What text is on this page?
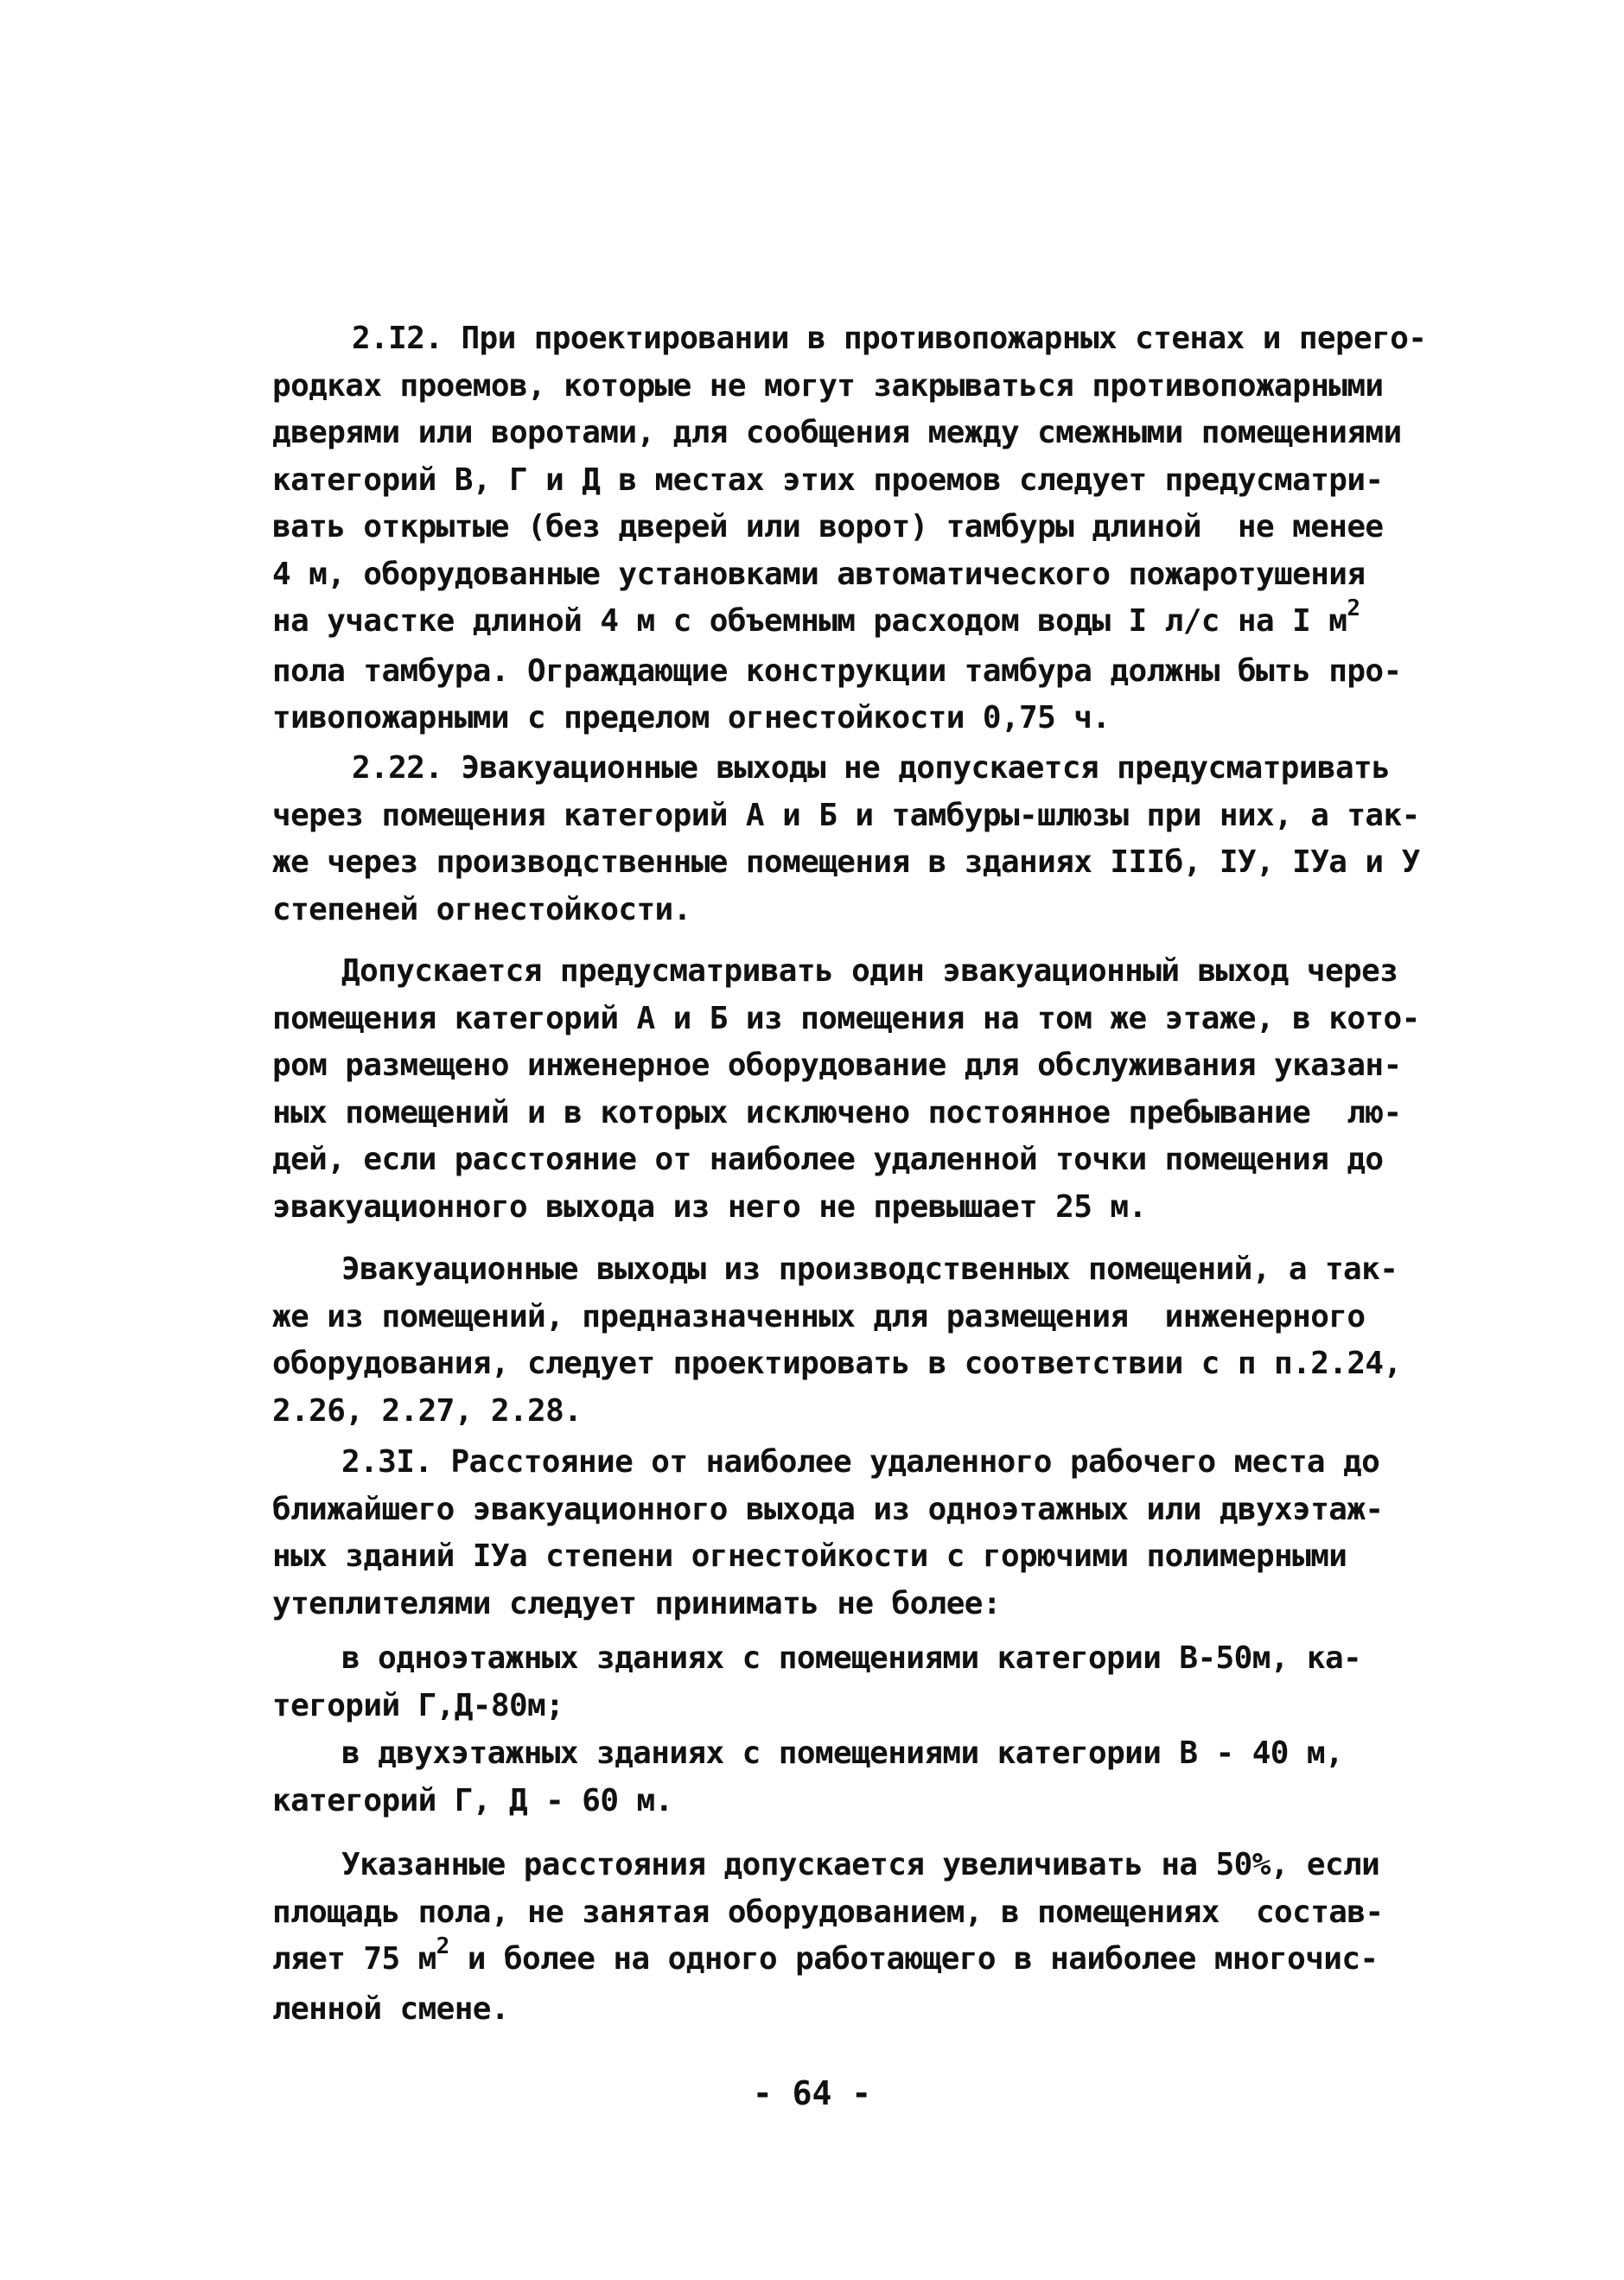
2.I2. При проектировании в противопожарных стенах и перего-
родках проемов, которые не могут закрываться противопожарными
дверями или воротами, для сообщения между смежными помещениями
категорий В, Г и Д в местах этих проемов следует предусматри-
вать открытые (без дверей или ворот) тамбуры длиной  не менее
4 м, оборудованные установками автоматического пожаротушения
на участке длиной 4 м с объемным расходом воды I л/с на I $м^2$
пола тамбура. Ограждающие конструкции тамбура должны быть про-
тивопожарными с пределом огнестойкости 0,75 ч.
2.22. Эвакуационные выходы не допускается предусматривать
через помещения категорий А и Б и тамбуры-шлюзы при них, а так-
же через производственные помещения в зданиях IIIб, IУ, IУа и У
степеней огнестойкости.
Допускается предусматривать один эвакуационный выход через
помещения категорий А и Б из помещения на том же этаже, в кото-
ром размещено инженерное оборудование для обслуживания указан-
ных помещений и в которых исключено постоянное пребывание  лю-
дей, если расстояние от наиболее удаленной точки помещения до
эвакуационного выхода из него не превышает 25 м.
Эвакуационные выходы из производственных помещений, а так-
же из помещений, предназначенных для размещения  инженерного
оборудования, следует проектировать в соответствии с п п.2.24,
2.26, 2.27, 2.28.
2.3I. Расстояние от наиболее удаленного рабочего места до
ближайшего эвакуационного выхода из одноэтажных или двухэтаж-
ных зданий IУа степени огнестойкости с горючими полимерными
утеплителями следует принимать не более:
в одноэтажных зданиях с помещениями категории В-50м, ка-
тегорий Г,Д-80м;
в двухэтажных зданиях с помещениями категории В - 40 м,
категорий Г, Д - 60 м.
Указанные расстояния допускается увеличивать на 50%, если
площадь пола, не занятая оборудованием, в помещениях  состав-
ляет 75 $м^2$ и более на одного работающего в наиболее многочис-
ленной смене.
- 64 -
